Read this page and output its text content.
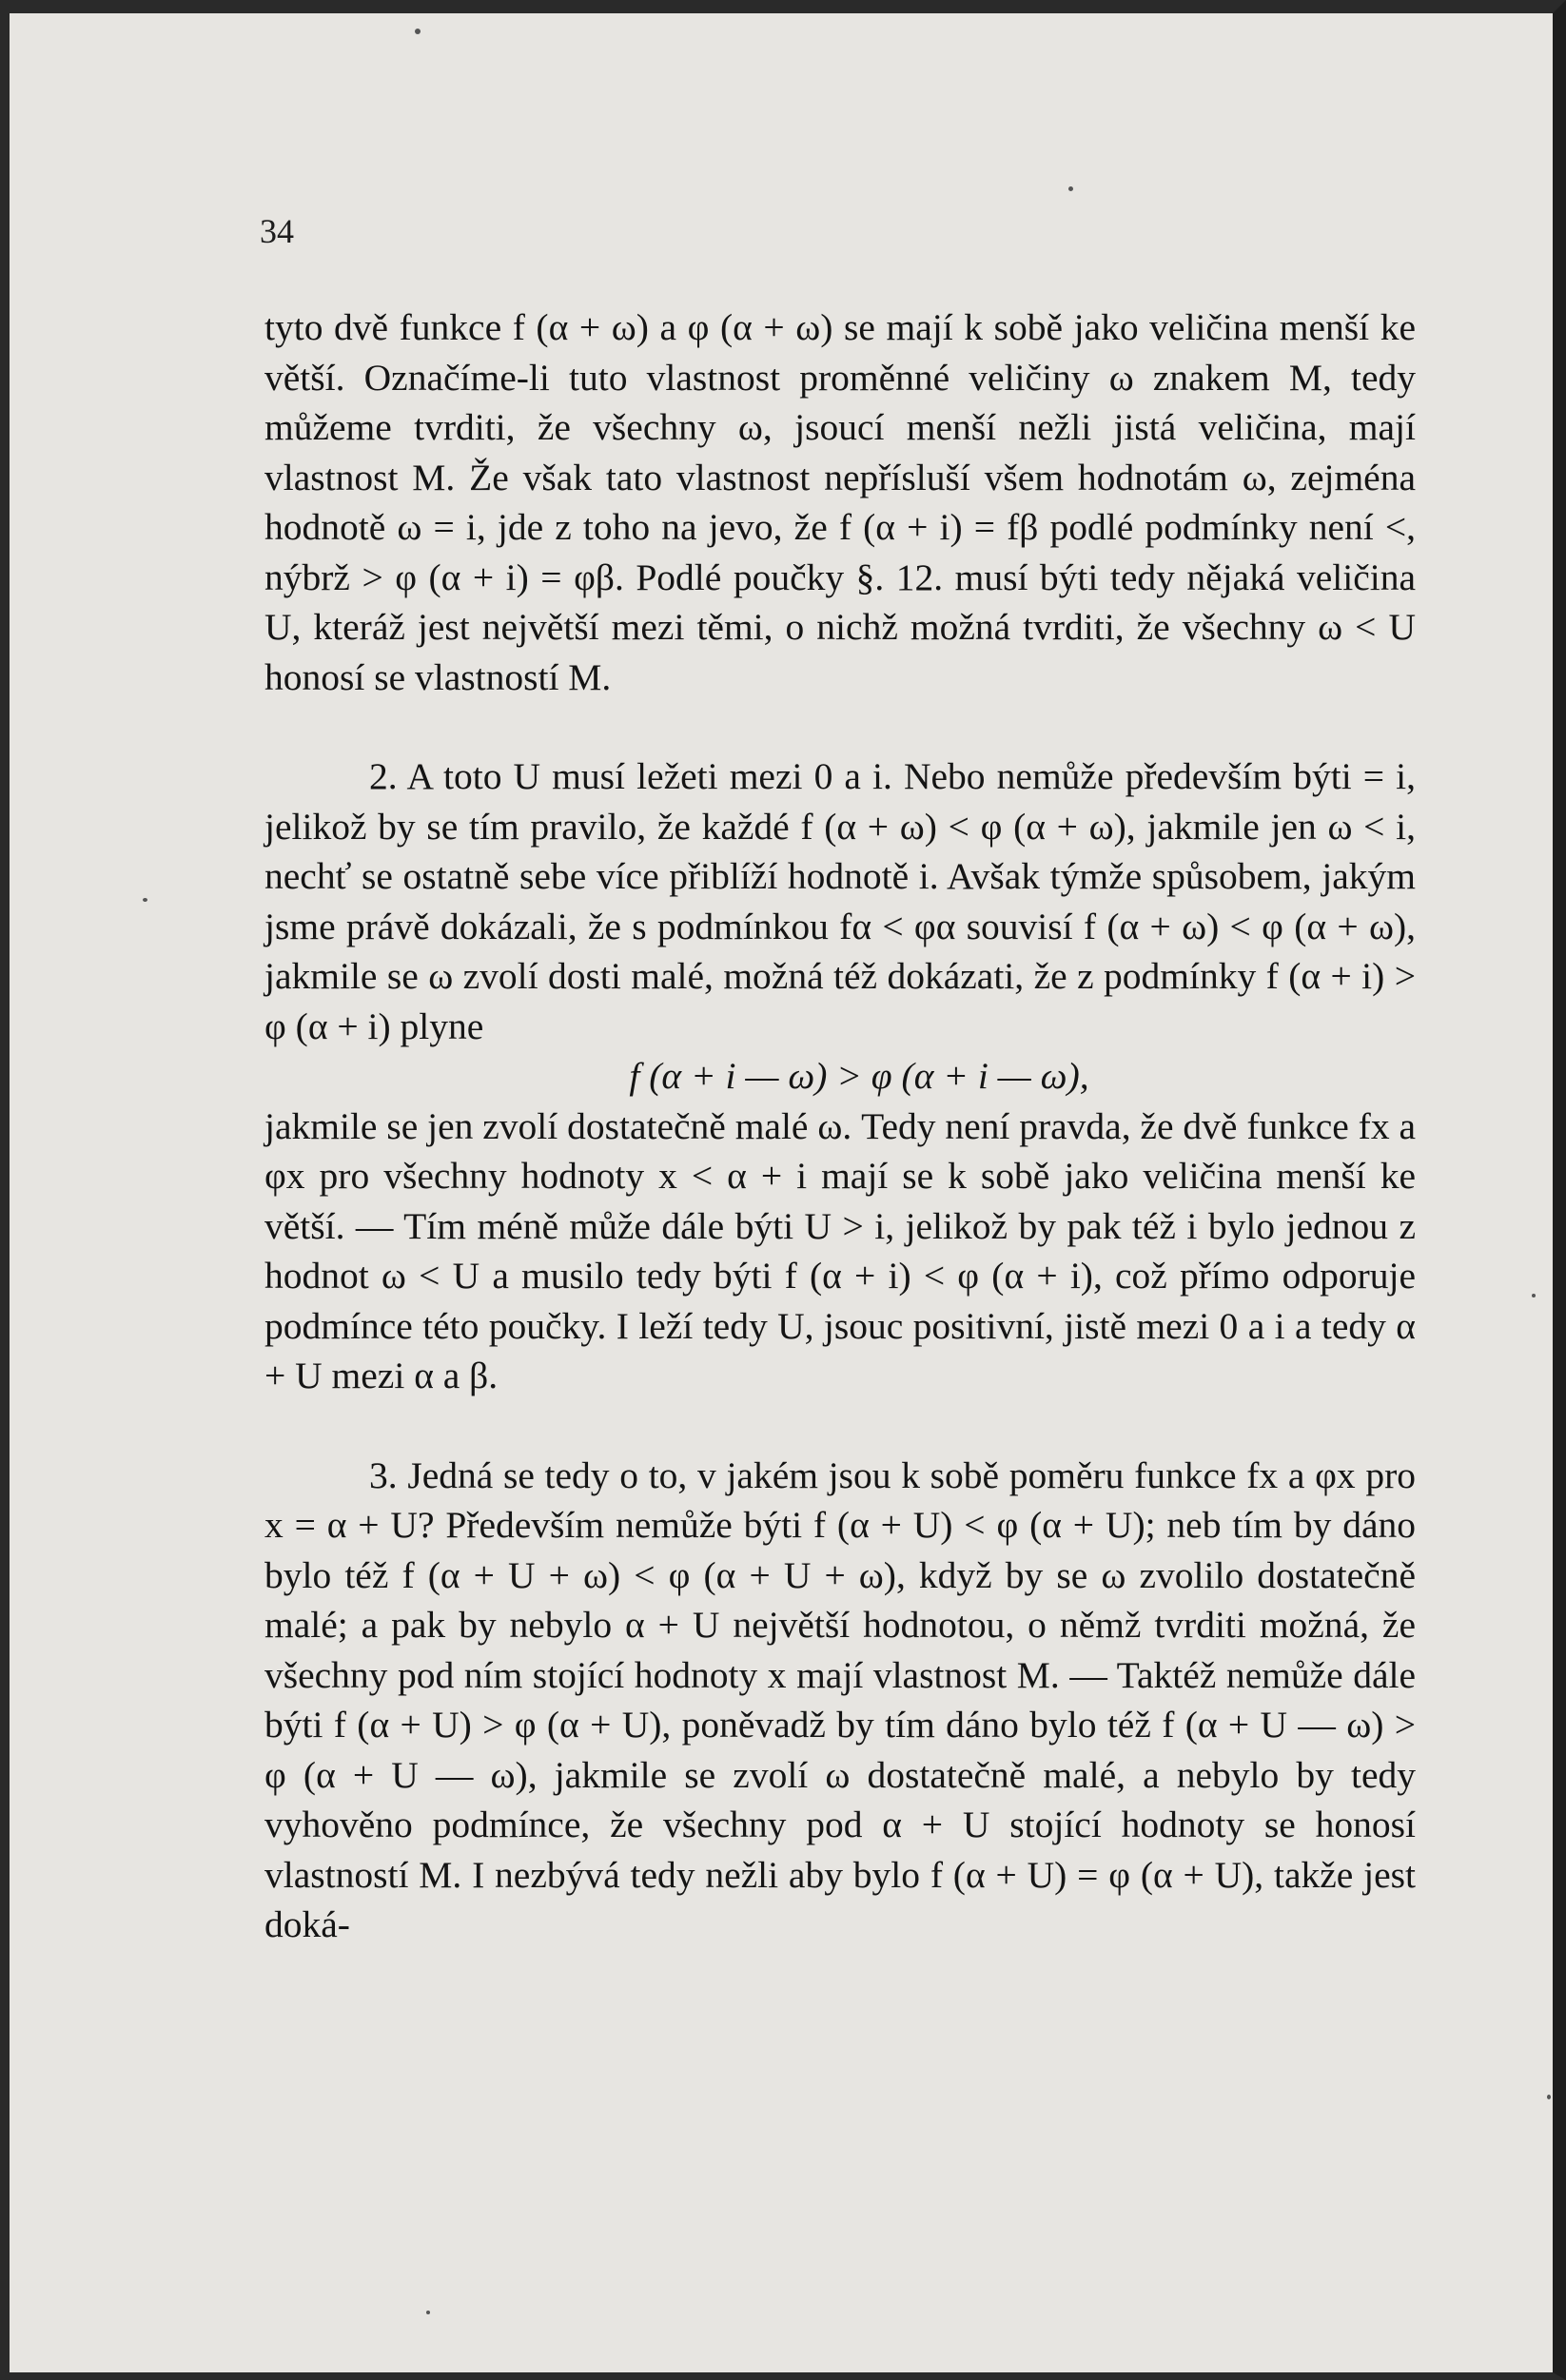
34

tyto dvě funkce f (α + ω) a φ (α + ω) se mají k sobě jako veličina menší ke větší. Označíme-li tuto vlastnost proměnné veličiny ω znakem M, tedy můžeme tvrditi, že všechny ω, jsoucí menší nežli jistá veličina, mají vlastnost M. Že však tato vlastnost nepřísluší všem hodnotám ω, zejména hodnotě ω = i, jde z toho na jevo, že f (α + i) = fβ podlé podmínky není <, nýbrž > φ (α + i) = φβ. Podlé poučky §. 12. musí býti tedy nějaká veličina U, kteráž jest největší mezi těmi, o nichž možná tvrditi, že všechny ω < U honosí se vlastností M.

2. A toto U musí ležeti mezi 0 a i. Nebo nemůže především býti = i, jelikož by se tím pravilo, že každé f (α + ω) < φ (α + ω), jakmile jen ω < i, nechť se ostatně sebe více přiblíží hodnotě i. Avšak týmže spůsobem, jakým jsme právě dokázali, že s podmínkou fα < φα souvisí f (α + ω) < φ (α + ω), jakmile se ω zvolí dosti malé, možná též dokázati, že z podmínky f (α + i) > φ (α + i) plyne

f (α + i — ω) > φ (α + i — ω),

jakmile se jen zvolí dostatečně malé ω. Tedy není pravda, že dvě funkce fx a φx pro všechny hodnoty x < α + i mají se k sobě jako veličina menší ke větší. — Tím méně může dále býti U > i, jelikož by pak též i bylo jednou z hodnot ω < U a musilo tedy býti f (α + i) < φ (α + i), což přímo odporuje podmínce této poučky. I leží tedy U, jsouc positivní, jistě mezi 0 a i a tedy α + U mezi α a β.

3. Jedná se tedy o to, v jakém jsou k sobě poměru funkce fx a φx pro x = α + U? Především nemůže býti f (α + U) < φ (α + U); neb tím by dáno bylo též f (α + U + ω) < φ (α + U + ω), když by se ω zvolilo dostatečně malé; a pak by nebylo α + U největší hodnotou, o němž tvrditi možná, že všechny pod ním stojící hodnoty x mají vlastnost M. — Taktéž nemůže dále býti f (α + U) > φ (α + U), poněvadž by tím dáno bylo též f (α + U — ω) > φ (α + U — ω), jakmile se zvolí ω dostatečně malé, a nebylo by tedy vyhověno podmínce, že všechny pod α + U stojící hodnoty se honosí vlastností M. I nezbývá tedy nežli aby bylo f (α + U) = φ (α + U), takže jest doká-
